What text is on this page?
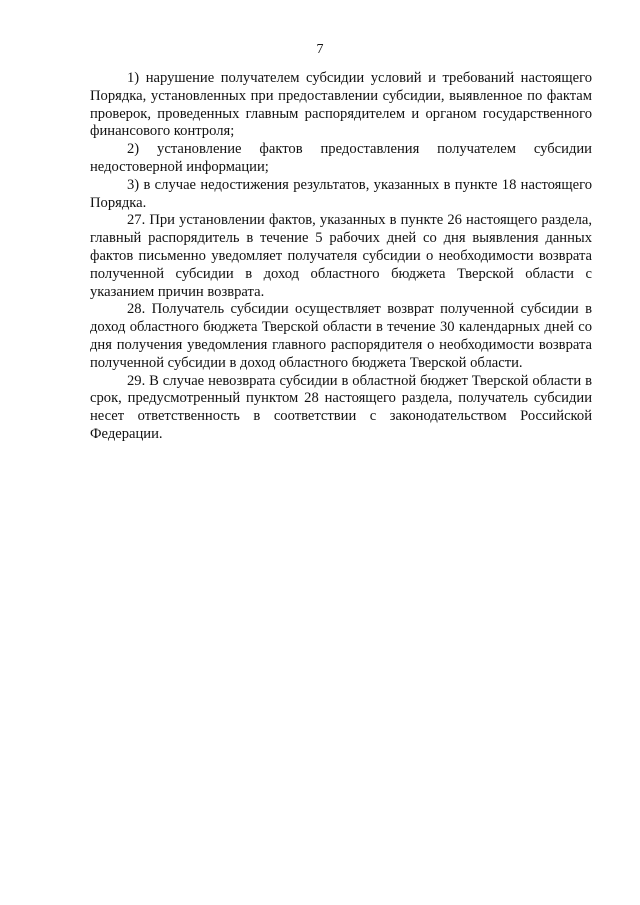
7

1) нарушение получателем субсидии условий и требований настоящего Порядка, установленных при предоставлении субсидии, выявленное по фактам проверок, проведенных главным распорядителем и органом государственного финансового контроля;

2) установление фактов предоставления получателем субсидии недостоверной информации;

3) в случае недостижения результатов, указанных в пункте 18 настоящего Порядка.

27. При установлении фактов, указанных в пункте 26 настоящего раздела, главный распорядитель в течение 5 рабочих дней со дня выявления данных фактов письменно уведомляет получателя субсидии о необходимости возврата полученной субсидии в доход областного бюджета Тверской области с указанием причин возврата.

28. Получатель субсидии осуществляет возврат полученной субсидии в доход областного бюджета Тверской области в течение 30 календарных дней со дня получения уведомления главного распорядителя о необходимости возврата полученной субсидии в доход областного бюджета Тверской области.

29. В случае невозврата субсидии в областной бюджет Тверской области в срок, предусмотренный пунктом 28 настоящего раздела, получатель субсидии несет ответственность в соответствии с законодательством Российской Федерации.
